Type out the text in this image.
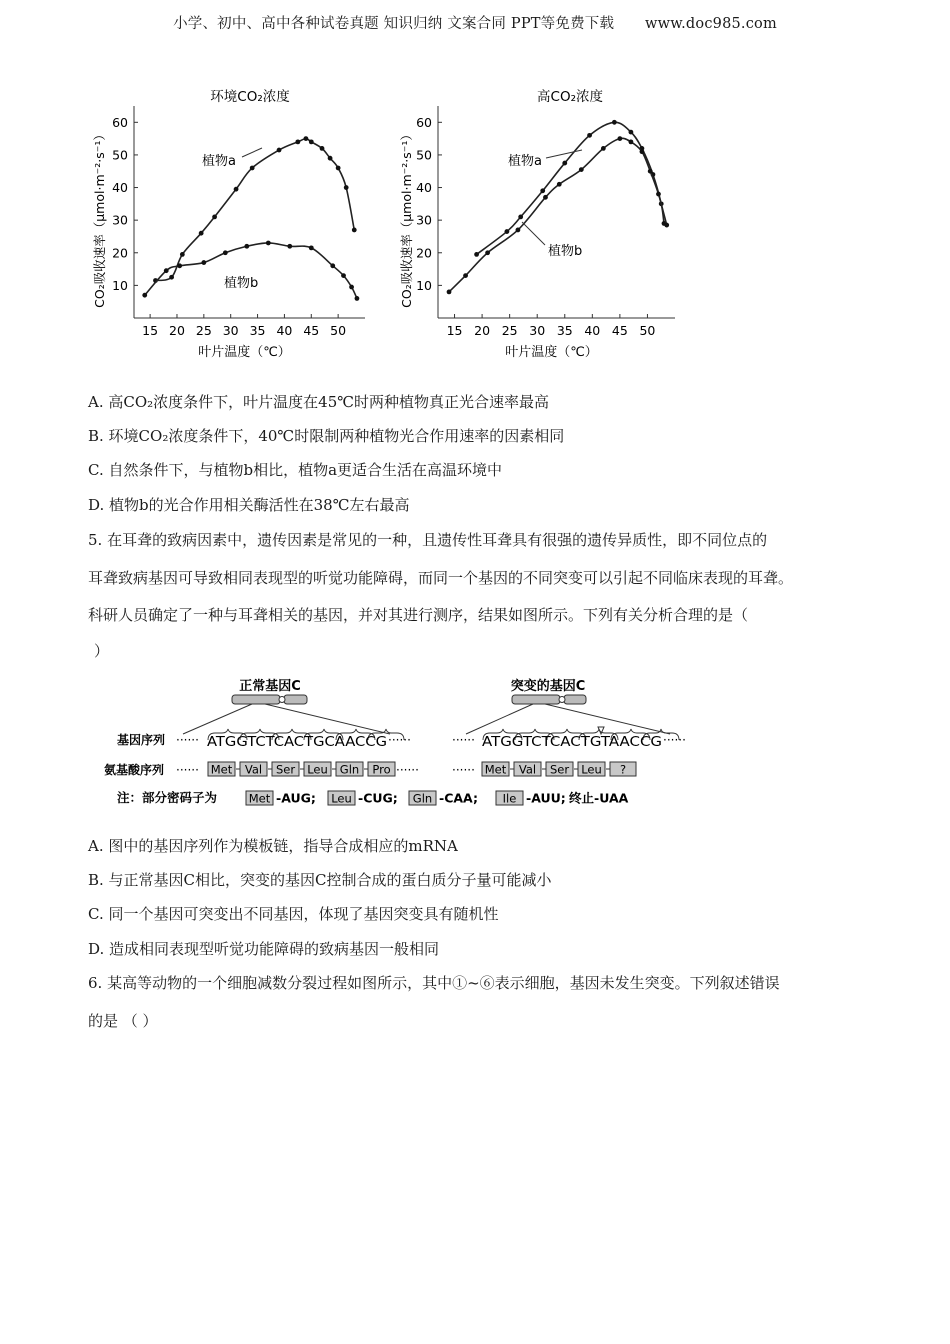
小学、初中、高中各种试卷真题 知识归纳 文案合同 PPT等免费下载 www.doc985.com
环境CO₂浓度
15 20 25 30 35 40 45 50
10
20
30
40
50
60
叶片温度（℃）
CO₂吸收速率（μmol·m⁻²·s⁻¹）	植物a
植物b
高CO₂浓度
15 20 25 30 35 40 45 50
10
20
30
40
50
60
叶片温度（℃）
CO₂吸收速率（μmol·m⁻²·s⁻¹）	植物a
植物b
A. 高CO₂浓度条件下，叶片温度在45℃时两种植物真正光合速率最高
B. 环境CO₂浓度条件下，40℃时限制两种植物光合作用速率的因素相同
C. 自然条件下，与植物b相比，植物a更适合生活在高温环境中
D. 植物b的光合作用相关酶活性在38℃左右最高
5. 在耳聋的致病因素中，遗传因素是常见的一种，且遗传性耳聋具有很强的遗传异质性，即不同位点的
耳聋致病基因可导致相同表现型的听觉功能障碍，而同一个基因的不同突变可以引起不同临床表现的耳聋。
科研人员确定了一种与耳聋相关的基因，并对其进行测序，结果如图所示。下列有关分析合理的是（
）
正常基因C	突变的基因C
基因序列 ······
氨基酸序列 ······
ATGGTCTCACTGCAACCG ······
Met Val Ser Leu Gln Pro ······
······ ATGGTCTCACTGTAACCG ······
······ Met Val Ser Leu ?
注：部分密码子为	Met -AUG; Leu -CUG; Gln -CAA; Ile -AUU; 终止-UAA
A. 图中的基因序列作为模板链，指导合成相应的mRNA
B. 与正常基因C相比，突变的基因C控制合成的蛋白质分子量可能减小
C. 同一个基因可突变出不同基因，体现了基因突变具有随机性
D. 造成相同表现型听觉功能障碍的致病基因一般相同
6. 某高等动物的一个细胞减数分裂过程如图所示，其中①~⑥表示细胞，基因未发生突变。下列叙述错误
的是 （ ）
